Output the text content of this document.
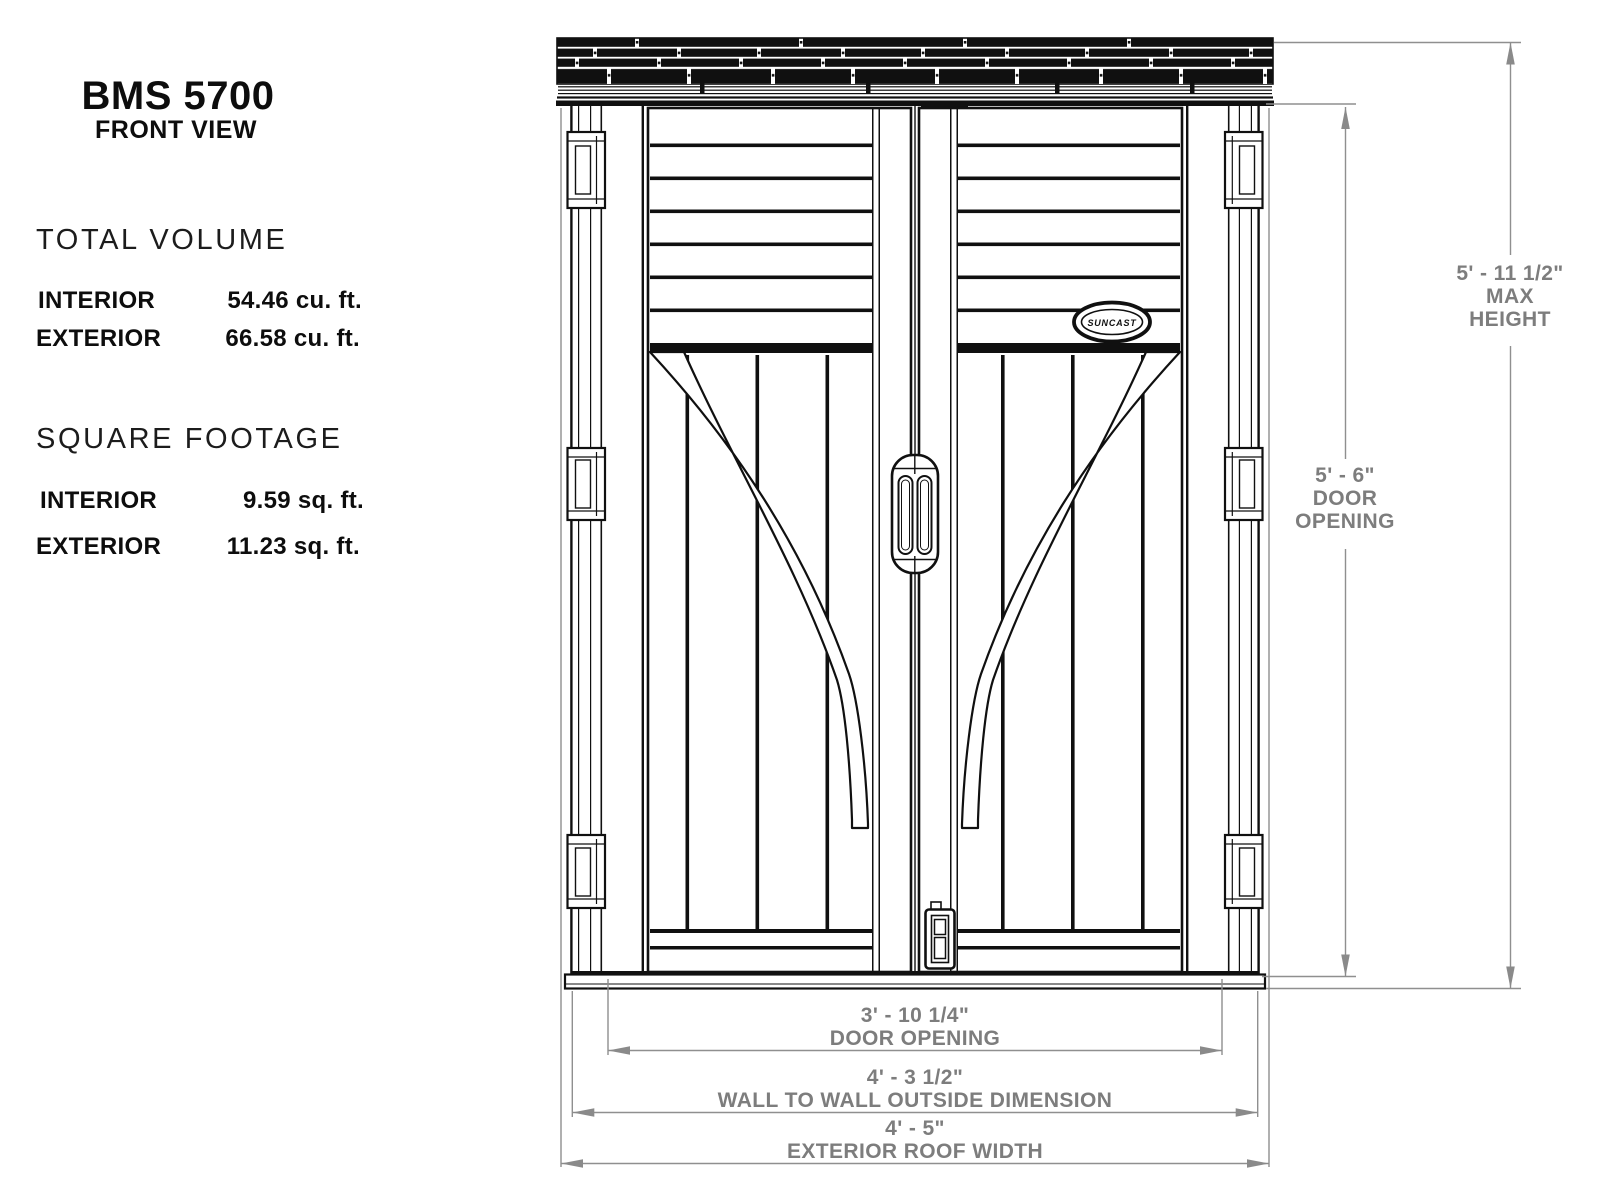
SUNCAST
BMS 5700
FRONT VIEW
TOTAL VOLUME
INTERIOR	54.46 cu. ft.
EXTERIOR	66.58 cu. ft.
SQUARE FOOTAGE
INTERIOR	9.59 sq. ft.
EXTERIOR	11.23 sq. ft.
5' - 11 1/2"
MAX
HEIGHT
5' - 6"
DOOR
OPENING
3' - 10 1/4"
DOOR OPENING
4' - 3 1/2"
WALL TO WALL OUTSIDE DIMENSION
4' - 5"
EXTERIOR ROOF WIDTH
